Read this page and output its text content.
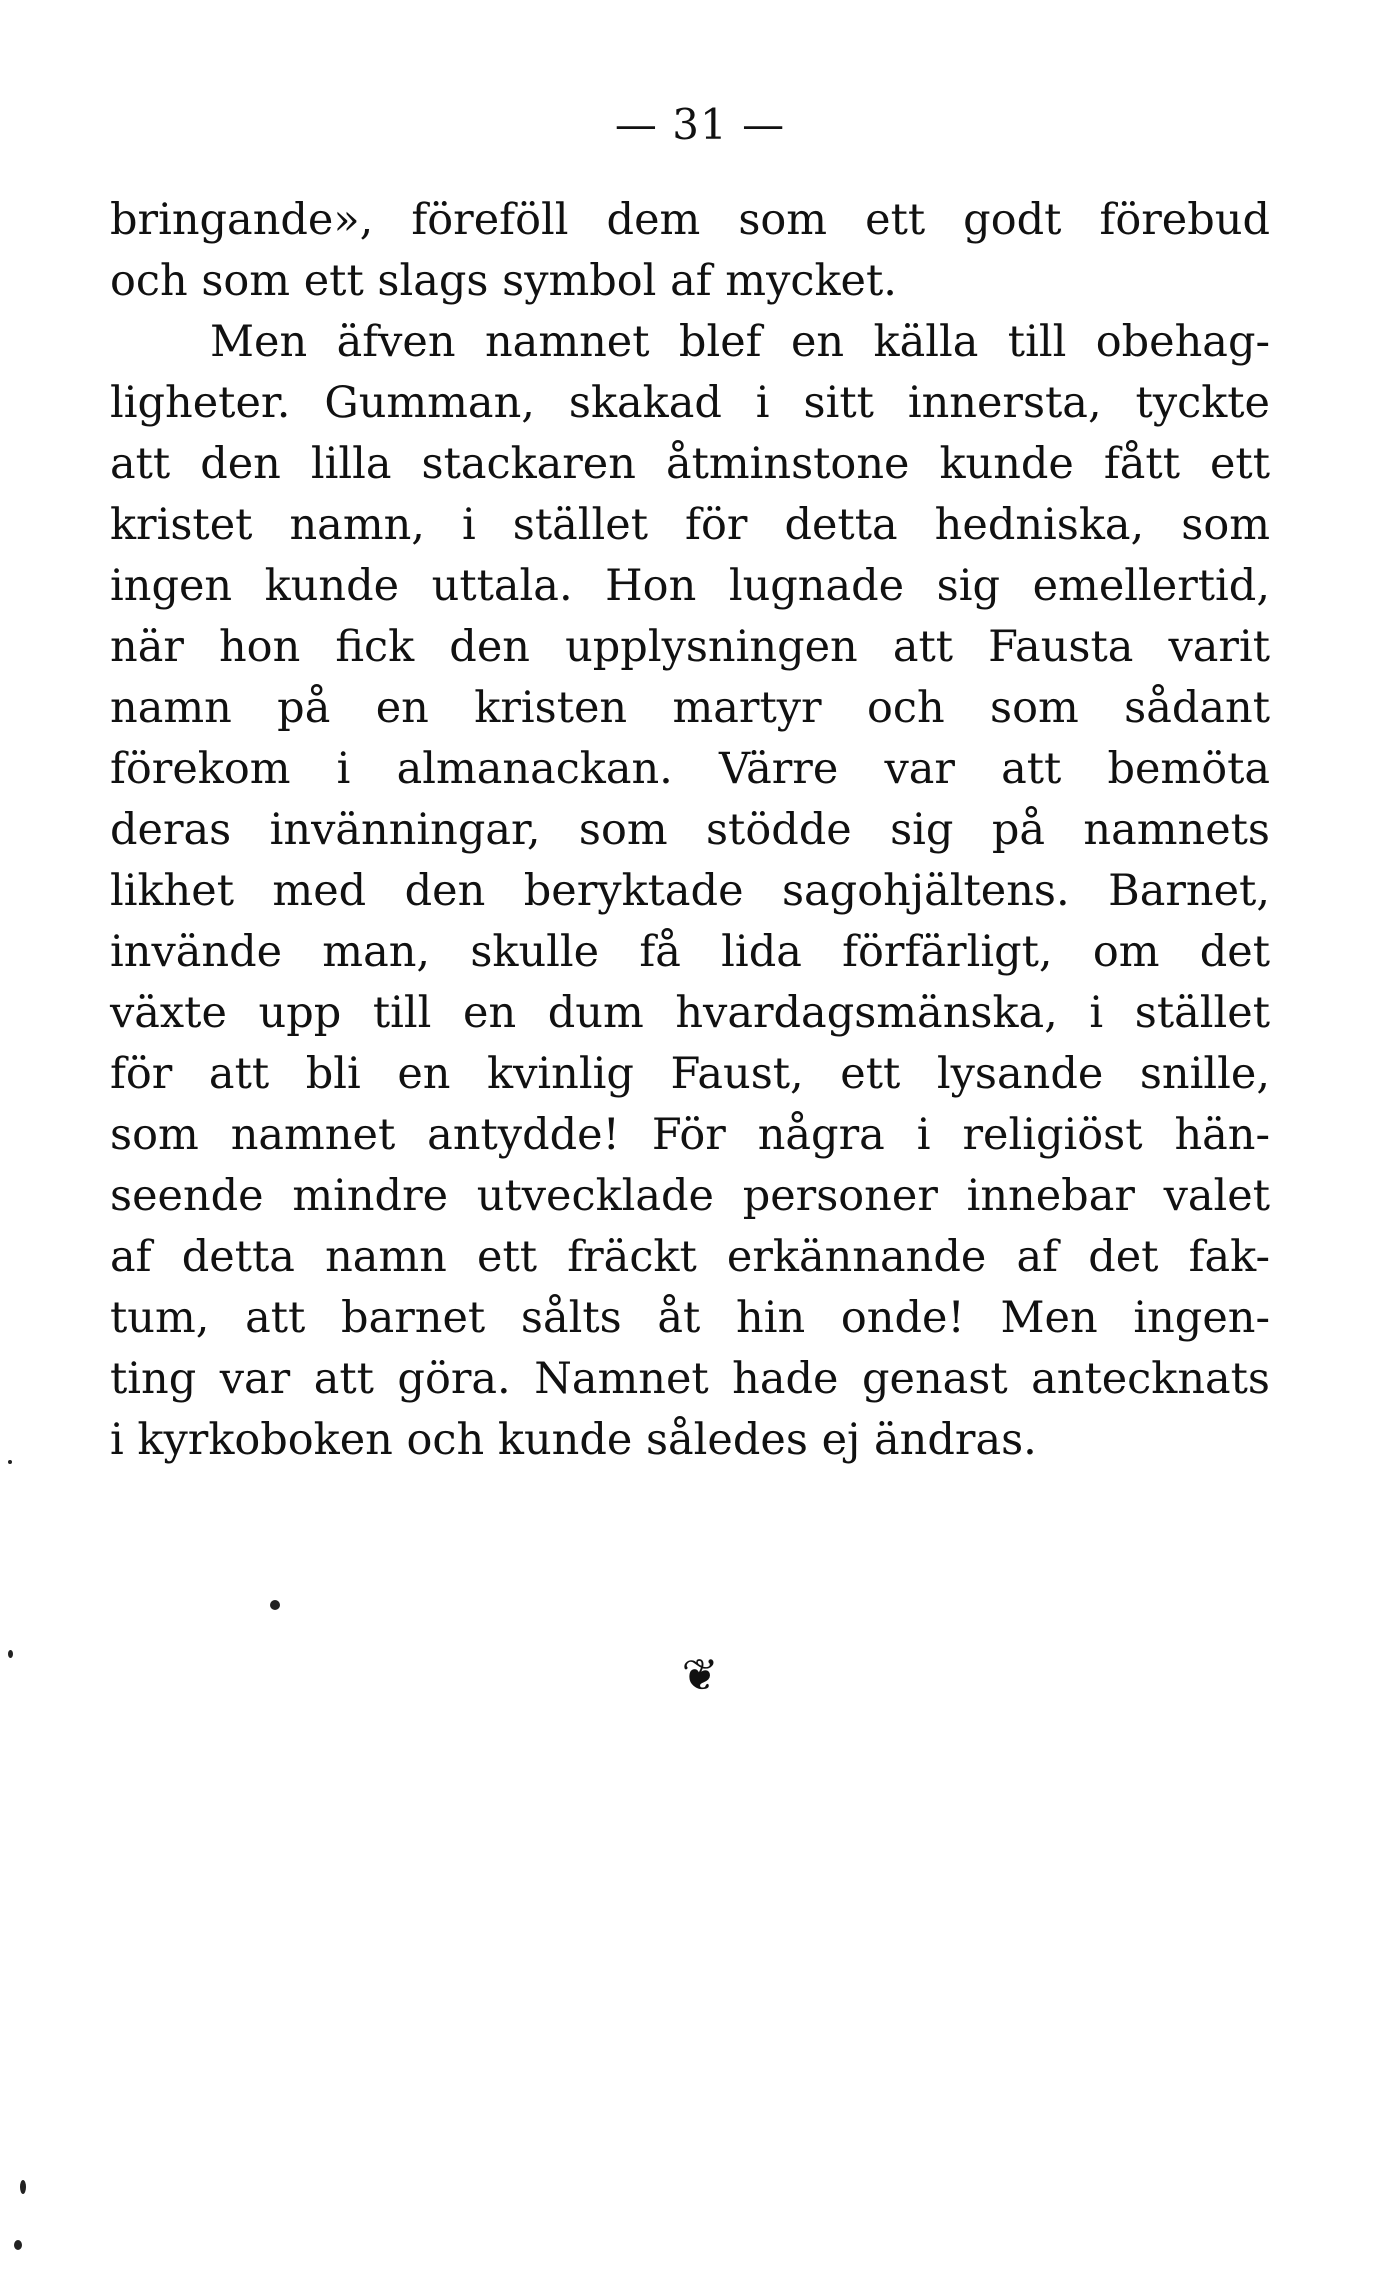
— 31 —
bringande», föreföll dem som ett godt förebud
och som ett slags symbol af mycket.
Men äfven namnet blef en källa till obehag-
ligheter. Gumman, skakad i sitt innersta, tyckte
att den lilla stackaren åtminstone kunde fått ett
kristet namn, i stället för detta hedniska, som
ingen kunde uttala. Hon lugnade sig emellertid,
när hon fick den upplysningen att Fausta varit
namn på en kristen martyr och som sådant
förekom i almanackan. Värre var att bemöta
deras invänningar, som stödde sig på namnets
likhet med den beryktade sagohjältens. Barnet,
invände man, skulle få lida förfärligt, om det
växte upp till en dum hvardagsmänska, i stället
för att bli en kvinlig Faust, ett lysande snille,
som namnet antydde! För några i religiöst hän-
seende mindre utvecklade personer innebar valet
af detta namn ett fräckt erkännande af det fak-
tum, att barnet sålts åt hin onde! Men ingen-
ting var att göra. Namnet hade genast antecknats
i kyrkoboken och kunde således ej ändras.
❦
